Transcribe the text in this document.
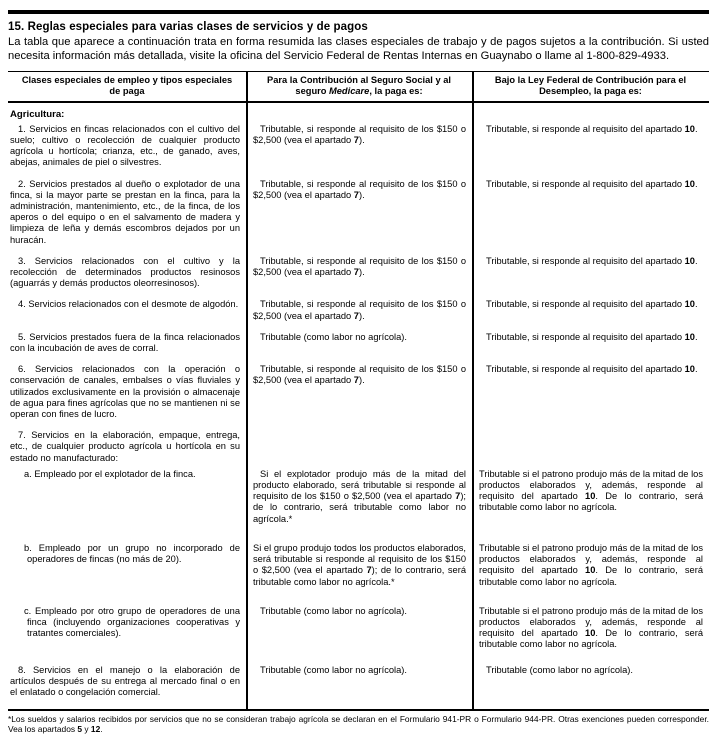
15. Reglas especiales para varias clases de servicios y de pagos

La tabla que aparece a continuación trata en forma resumida las clases especiales de trabajo y de pagos sujetos a la contribución. Si usted necesita información más detallada, visite la oficina del Servicio Federal de Rentas Internas en Guaynabo o llame al 1-800-829-4933.

Clases especiales de empleo y tipos especiales de paga	Para la Contribución al Seguro Social y al seguro Medicare, la paga es:	Bajo la Ley Federal de Contribución para el Desempleo, la paga es:

Agricultura:		

1. Servicios en fincas relacionados con el cultivo del suelo; cultivo o recolección de cualquier producto agrícola u hortícola; crianza, etc., de ganado, aves, abejas, animales de piel o silvestres.	Tributable, si responde al requisito de los $150 o $2,500 (vea el apartado 7).	Tributable, si responde al requisito del apartado 10.

2. Servicios prestados al dueño o explotador de una finca, si la mayor parte se prestan en la finca, para la administración, mantenimiento, etc., de la finca, de los aperos o del equipo o en el salvamento de madera y limpieza de leña y demás escombros dejados por un huracán.	Tributable, si responde al requisito de los $150 o $2,500 (vea el apartado 7).	Tributable, si responde al requisito del apartado 10.

3. Servicios relacionados con el cultivo y la recolección de determinados productos resinosos (aguarrás y demás productos oleorresinosos).	Tributable, si responde al requisito de los $150 o $2,500 (vea el apartado 7).	Tributable, si responde al requisito del apartado 10.

4. Servicios relacionados con el desmote de algodón.	Tributable, si responde al requisito de los $150 o $2,500 (vea el apartado 7).	Tributable, si responde al requisito del apartado 10.

5. Servicios prestados fuera de la finca relacionados con la incubación de aves de corral.	Tributable (como labor no agrícola).	Tributable, si responde al requisito del apartado 10.

6. Servicios relacionados con la operación o conservación de canales, embalses o vías fluviales y utilizados exclusivamente en la provisión o almacenaje de agua para fines agrícolas que no se mantienen ni se operan con fines de lucro.	Tributable, si responde al requisito de los $150 o $2,500 (vea el apartado 7).	Tributable, si responde al requisito del apartado 10.

7. Servicios en la elaboración, empaque, entrega, etc., de cualquier producto agrícola u hortícola en su estado no manufacturado:		

a. Empleado por el explotador de la finca.	Si el explotador produjo más de la mitad del producto elaborado, será tributable si responde al requisito de los $150 o $2,500 (vea el apartado 7); de lo contrario, será tributable como labor no agrícola.*	Tributable si el patrono produjo más de la mitad de los productos elaborados y, además, responde al requisito del apartado 10. De lo contrario, será tributable como labor no agrícola.

b. Empleado por un grupo no incorporado de operadores de fincas (no más de 20).	Si el grupo produjo todos los productos elaborados, será tributable si responde al requisito de los $150 o $2,500 (vea el apartado 7); de lo contrario, será tributable como labor no agrícola.*	Tributable si el patrono produjo más de la mitad de los productos elaborados y, además, responde al requisito del apartado 10. De lo contrario, será tributable como labor no agrícola.

c. Empleado por otro grupo de operadores de una finca (incluyendo organizaciones cooperativas y tratantes comerciales).	Tributable (como labor no agrícola).	Tributable si el patrono produjo más de la mitad de los productos elaborados y, además, responde al requisito del apartado 10. De lo contrario, será tributable como labor no agrícola.

8. Servicios en el manejo o la elaboración de artículos después de su entrega al mercado final o en el enlatado o congelación comercial.	Tributable (como labor no agrícola).	Tributable (como labor no agrícola).

*Los sueldos y salarios recibidos por servicios que no se consideran trabajo agrícola se declaran en el Formulario 941-PR o Formulario 944-PR. Otras exenciones pueden corresponder. Vea los apartados 5 y 12.
